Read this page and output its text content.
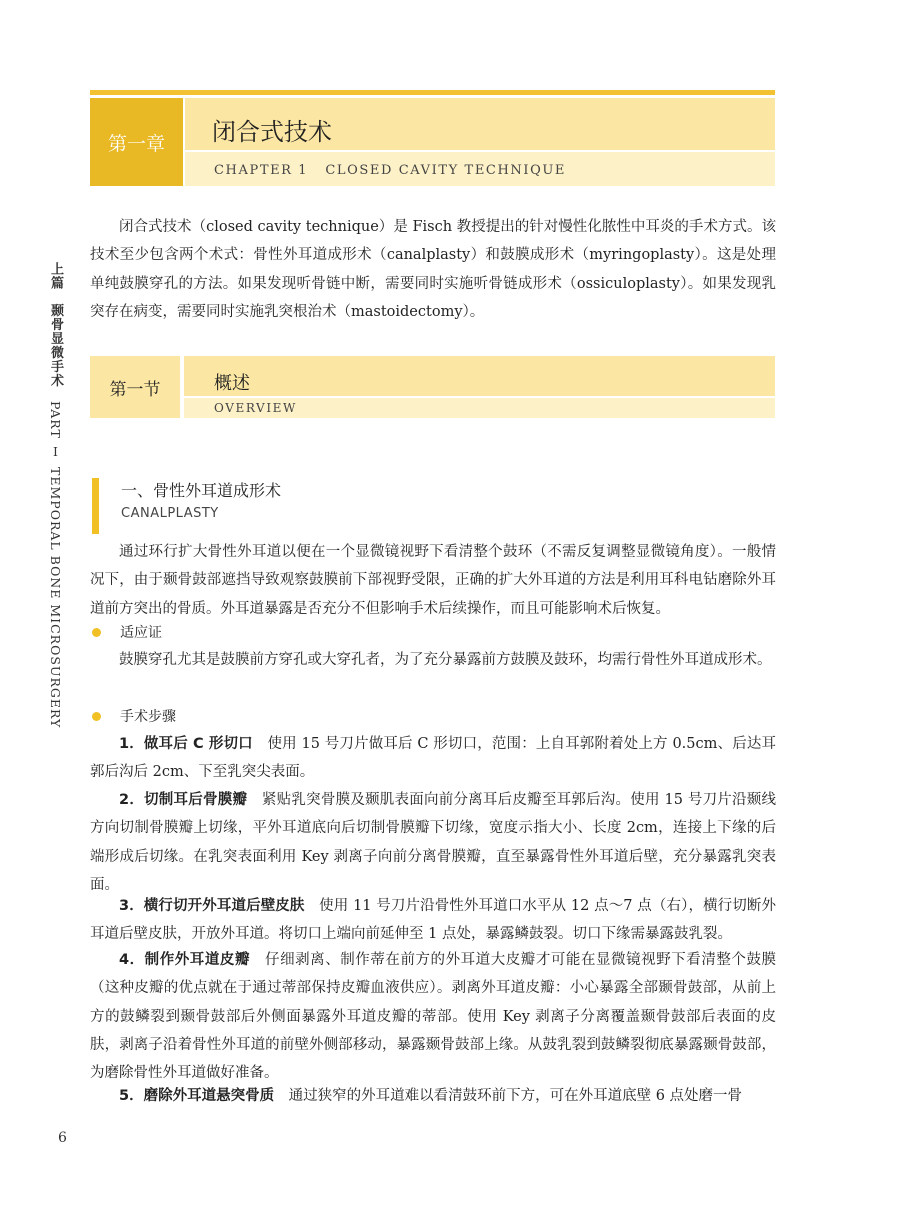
上篇 颞骨显微手术 PART Ⅰ TEMPORAL BONE MICROSURGERY
第一章	闭合式技术
CHAPTER 1   CLOSED CAVITY TECHNIQUE

闭合式技术（closed cavity technique）是 Fisch 教授提出的针对慢性化脓性中耳炎的手术方式。该技术至少包含两个术式：骨性外耳道成形术（canalplasty）和鼓膜成形术（myringoplasty）。这是处理单纯鼓膜穿孔的方法。如果发现听骨链中断，需要同时实施听骨链成形术（ossiculoplasty）。如果发现乳突存在病变，需要同时实施乳突根治术（mastoidectomy）。

第一节	概述
OVERVIEW
一、骨性外耳道成形术
CANALPLASTY

通过环行扩大骨性外耳道以便在一个显微镜视野下看清整个鼓环（不需反复调整显微镜角度）。一般情况下，由于颞骨鼓部遮挡导致观察鼓膜前下部视野受限，正确的扩大外耳道的方法是利用耳科电钻磨除外耳道前方突出的骨质。外耳道暴露是否充分不但影响手术后续操作，而且可能影响术后恢复。

适应证

鼓膜穿孔尤其是鼓膜前方穿孔或大穿孔者，为了充分暴露前方鼓膜及鼓环，均需行骨性外耳道成形术。

手术步骤

1．做耳后 C 形切口  使用 15 号刀片做耳后 C 形切口，范围：上自耳郭附着处上方 0.5cm、后达耳郭后沟后 2cm、下至乳突尖表面。

2．切制耳后骨膜瓣  紧贴乳突骨膜及颞肌表面向前分离耳后皮瓣至耳郭后沟。使用 15 号刀片沿颞线方向切制骨膜瓣上切缘，平外耳道底向后切制骨膜瓣下切缘，宽度示指大小、长度 2cm，连接上下缘的后端形成后切缘。在乳突表面利用 Key 剥离子向前分离骨膜瓣，直至暴露骨性外耳道后壁，充分暴露乳突表面。

3．横行切开外耳道后壁皮肤  使用 11 号刀片沿骨性外耳道口水平从 12 点～7 点（右），横行切断外耳道后壁皮肤，开放外耳道。将切口上端向前延伸至 1 点处，暴露鳞鼓裂。切口下缘需暴露鼓乳裂。

4．制作外耳道皮瓣  仔细剥离、制作蒂在前方的外耳道大皮瓣才可能在显微镜视野下看清整个鼓膜（这种皮瓣的优点就在于通过蒂部保持皮瓣血液供应）。剥离外耳道皮瓣：小心暴露全部颞骨鼓部，从前上方的鼓鳞裂到颞骨鼓部后外侧面暴露外耳道皮瓣的蒂部。使用 Key 剥离子分离覆盖颞骨鼓部后表面的皮肤，剥离子沿着骨性外耳道的前壁外侧部移动，暴露颞骨鼓部上缘。从鼓乳裂到鼓鳞裂彻底暴露颞骨鼓部，为磨除骨性外耳道做好准备。

5．磨除外耳道悬突骨质  通过狭窄的外耳道难以看清鼓环前下方，可在外耳道底壁 6 点处磨一骨

6
